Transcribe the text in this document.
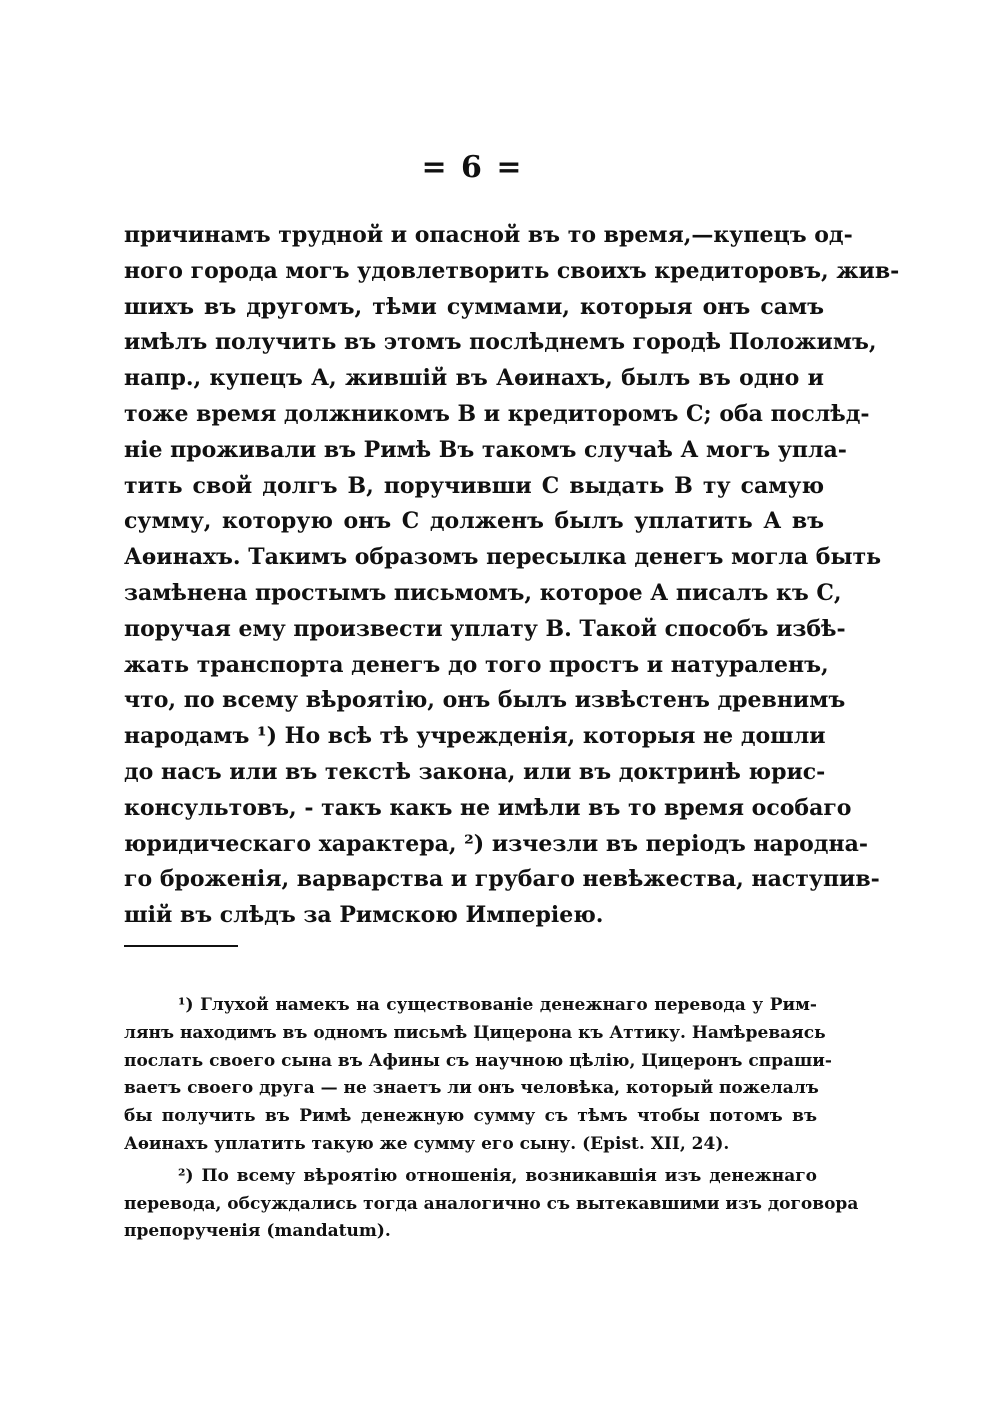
= 6 =
причинамъ трудной и опасной въ то время,—купецъ од-
ного города могъ удовлетворить своихъ кредиторовъ, жив-
шихъ въ другомъ, тѣми суммами, которыя онъ самъ
имѣлъ получить въ этомъ послѣднемъ городѣ Положимъ,
напр., купецъ А, жившій въ Аѳинахъ, былъ въ одно и
тоже время должникомъ В и кредиторомъ С; оба послѣд-
ніе проживали въ Римѣ Въ такомъ случаѣ А могъ упла-
тить свой долгъ В, поручивши С выдать В ту самую
сумму, которую онъ С долженъ былъ уплатить А въ
Аѳинахъ. Такимъ образомъ пересылка денегъ могла быть
замѣнена простымъ письмомъ, которое А писалъ къ С,
поручая ему произвести уплату В. Такой способъ избѣ-
жать транспорта денегъ до того простъ и натураленъ,
что, по всему вѣроятію, онъ былъ извѣстенъ древнимъ
народамъ ¹) Но всѣ тѣ учрежденія, которыя не дошли
до насъ или въ текстѣ закона, или въ доктринѣ юрис-
консультовъ, - такъ какъ не имѣли въ то время особаго
юридическаго характера, ²) изчезли въ періодъ народна-
го броженія, варварства и грубаго невѣжества, наступив-
шій въ слѣдъ за Римскою Имперіею.
¹) Глухой намекъ на существованіе денежнаго перевода у Рим-
лянъ находимъ въ одномъ письмѣ Цицерона къ Аттику. Намѣреваясь
послать своего сына въ Афины съ научною цѣлію, Цицеронъ спраши-
ваетъ своего друга — не знаетъ ли онъ человѣка, который пожелалъ
бы получить въ Римѣ денежную сумму съ тѣмъ чтобы потомъ въ
Аѳинахъ уплатить такую же сумму его сыну. (Epist. XII, 24).
²) По всему вѣроятію отношенія, возникавшія изъ денежнаго
перевода, обсуждались тогда аналогично съ вытекавшими изъ договора
препорученія (mandatum).
